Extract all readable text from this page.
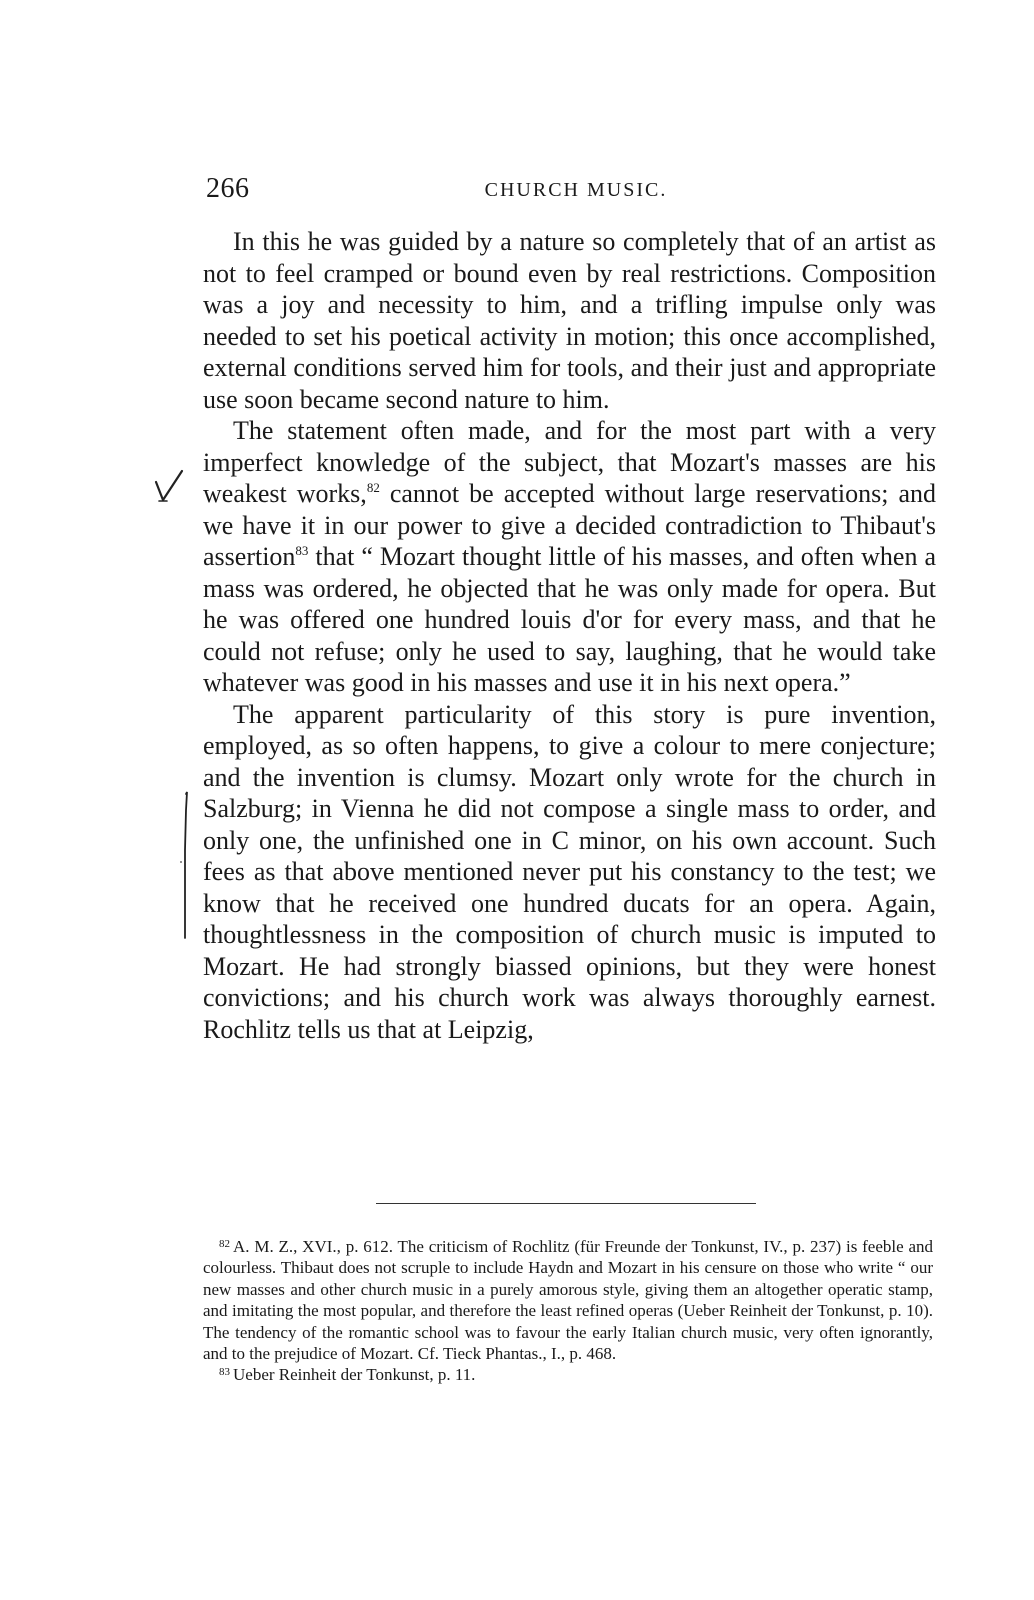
266	CHURCH MUSIC.

In this he was guided by a nature so completely that of an artist as not to feel cramped or bound even by real restrictions. Composition was a joy and necessity to him, and a trifling impulse only was needed to set his poetical activity in motion; this once accomplished, external conditions served him for tools, and their just and appropriate use soon became second nature to him.

The statement often made, and for the most part with a very imperfect knowledge of the subject, that Mozart's masses are his weakest works,$^{82}$ cannot be accepted without large reservations; and we have it in our power to give a decided contradiction to Thibaut's assertion$^{83}$ that “ Mozart thought little of his masses, and often when a mass was ordered, he objected that he was only made for opera. But he was offered one hundred louis d'or for every mass, and that he could not refuse; only he used to say, laughing, that he would take whatever was good in his masses and use it in his next opera.”

The apparent particularity of this story is pure invention, employed, as so often happens, to give a colour to mere conjecture; and the invention is clumsy. Mozart only wrote for the church in Salzburg; in Vienna he did not compose a single mass to order, and only one, the unfinished one in C minor, on his own account. Such fees as that above mentioned never put his constancy to the test; we know that he received one hundred ducats for an opera. Again, thoughtlessness in the composition of church music is imputed to Mozart. He had strongly biassed opinions, but they were honest convictions; and his church work was always thoroughly earnest. Rochlitz tells us that at Leipzig,

$^{82}$ A. M. Z., XVI., p. 612. The criticism of Rochlitz (für Freunde der Tonkunst, IV., p. 237) is feeble and colourless. Thibaut does not scruple to include Haydn and Mozart in his censure on those who write “ our new masses and other church music in a purely amorous style, giving them an altogether operatic stamp, and imitating the most popular, and therefore the least refined operas (Ueber Reinheit der Tonkunst, p. 10). The tendency of the romantic school was to favour the early Italian church music, very often ignorantly, and to the prejudice of Mozart. Cf. Tieck Phantas., I., p. 468.

$^{83}$ Ueber Reinheit der Tonkunst, p. 11.
